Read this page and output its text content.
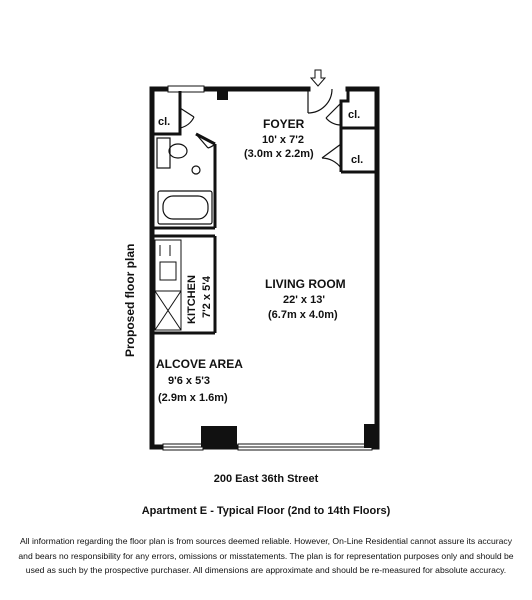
FOYER
10' x 7'2
(3.0m x 2.2m)
cl.
cl.
cl.
KITCHEN 7'2 x 5'4	LIVING ROOM
22' x 13'
(6.7m x 4.0m)
ALCOVE AREA
9'6 x 5'3
(2.9m x 1.6m)
Proposed floor plan
200 East 36th Street
Apartment E - Typical Floor (2nd to 14th Floors)
All information regarding the floor plan is from sources deemed reliable. However, On-Line Residential cannot assure its accuracy
and bears no responsibility for any errors, omissions or misstatements. The plan is for representation purposes only and should be
used as such by the prospective purchaser. All dimensions are approximate and should be re-measured for absolute accuracy.
